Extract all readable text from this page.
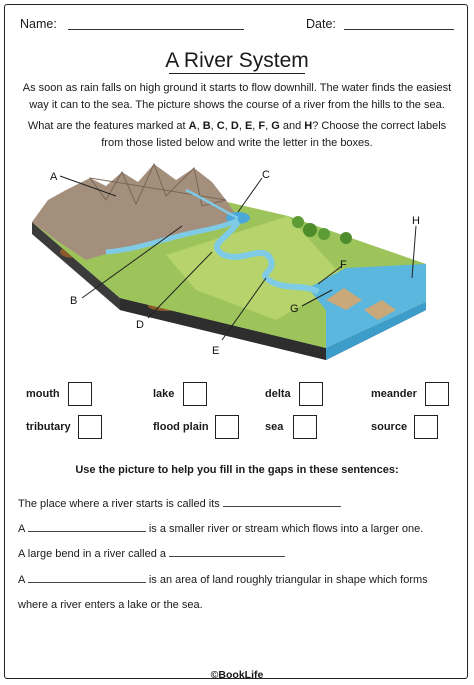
Name:	Date:
A River System
As soon as rain falls on high ground it starts to flow downhill. The water finds the easiest way it can to the sea. The picture shows the course of a river from the hills to the sea.
What are the features marked at A, B, C, D, E, F, G and H? Choose the correct labels from those listed below and write the letter in the boxes.
A
B
C
D
E
F
G
H
mouth	lake	delta	meander
tributary	flood plain	sea	source
Use the picture to help you fill in the gaps in these sentences:
The place where a river starts is called its
A	is a smaller river or stream which flows into a larger one.
A large bend in a river called a
A	is an area of land roughly triangular in shape which forms
where a river enters a lake or the sea.
©BookLife
